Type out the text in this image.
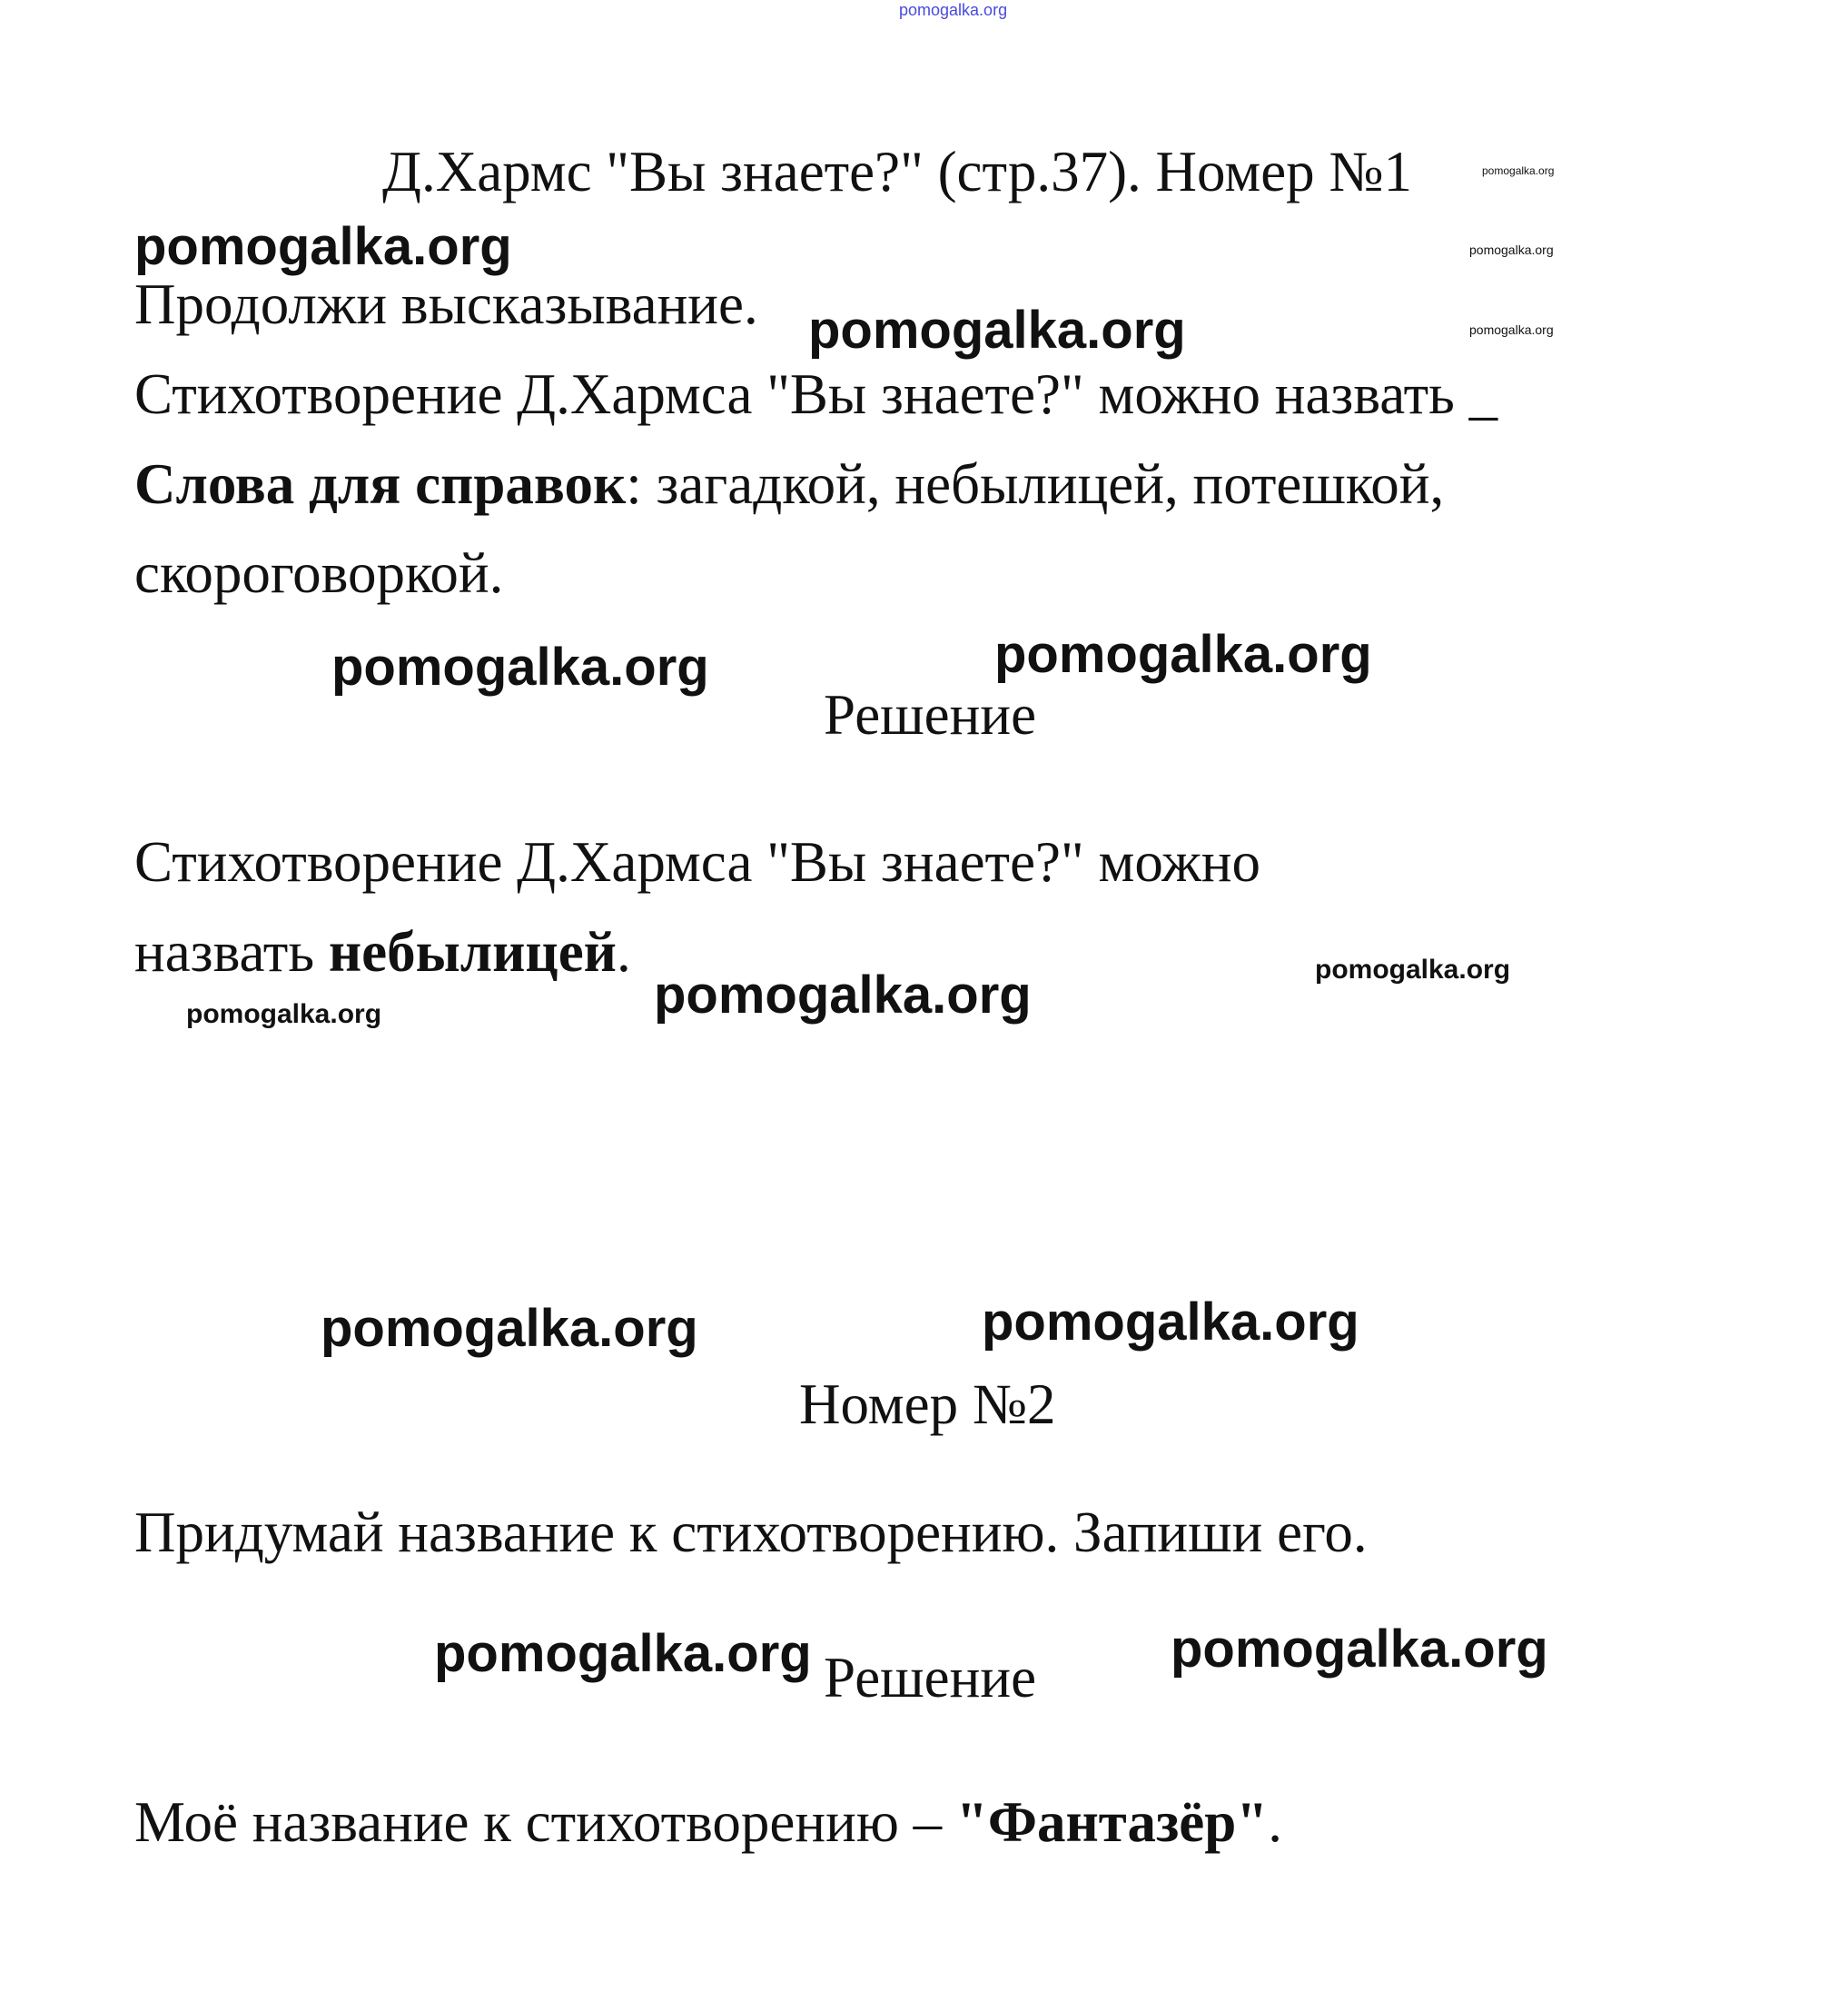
pomogalka.org
Д.Хармс "Вы знаете?" (стр.37). Номер №1	pomogalka.org
pomogalka.org	pomogalka.org
Продолжи высказывание. pomogalka.org	pomogalka.org
Стихотворение Д.Хармса "Вы знаете?" можно назвать _
Слова для справок: загадкой, небылицей, потешкой,
скороговоркой.
pomogalka.org	pomogalka.org
Решение
Стихотворение Д.Хармса "Вы знаете?" можно
назвать небылицей.
pomogalka.org	pomogalka.org
pomogalka.org
pomogalka.org	pomogalka.org
Номер №2
Придумай название к стихотворению. Запиши его.
pomogalka.org Решение	pomogalka.org
Моё название к стихотворению – "Фантазёр".
